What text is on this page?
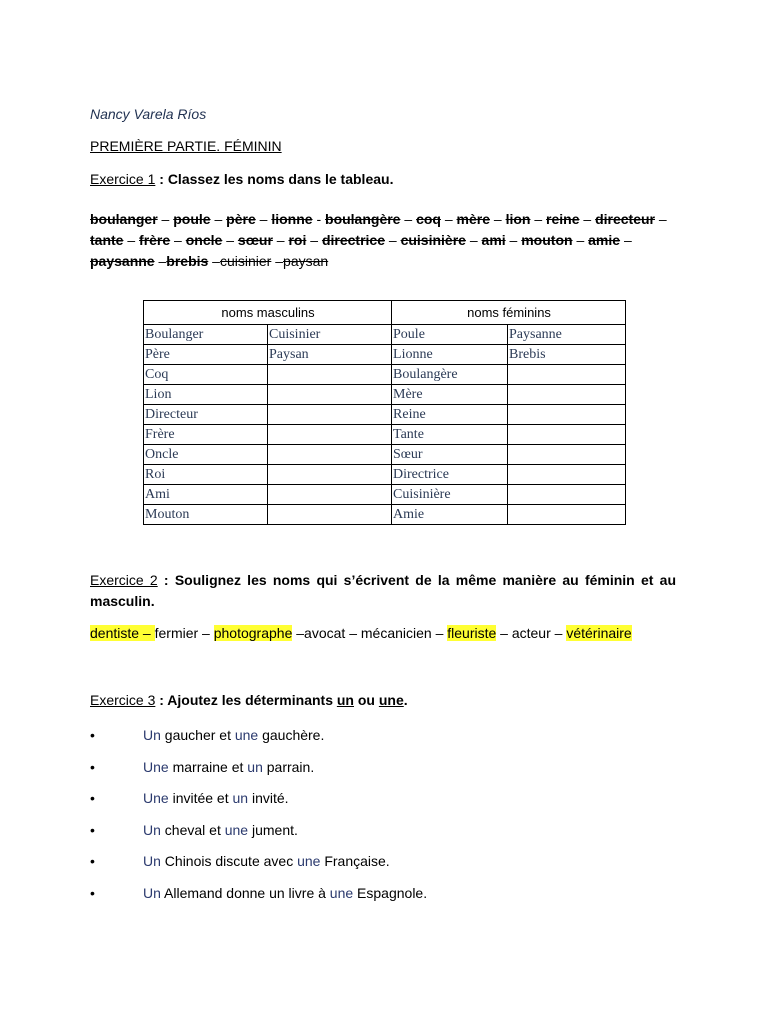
Nancy Varela Ríos
PREMIÈRE PARTIE. FÉMININ
Exercice 1 : Classez les noms dans le tableau.
boulanger – poule – père – lionne - boulangère – coq – mère – lion – reine – directeur – tante – frère – oncle – sœur – roi – directrice – cuisinière – ami – mouton – amie – paysanne –brebis –cuisinier –paysan
noms masculins		noms féminins	
Boulanger	Cuisinier	Poule	Paysanne
Père	Paysan	Lionne	Brebis
Coq		Boulangère	
Lion		Mère	
Directeur		Reine	
Frère		Tante	
Oncle		Sœur	
Roi		Directrice	
Ami		Cuisinière	
Mouton		Amie	
Exercice 2 : Soulignez les noms qui s’écrivent de la même manière au féminin et au masculin.
dentiste – fermier – photographe –avocat – mécanicien – fleuriste – acteur – vétérinaire
Exercice 3 : Ajoutez les déterminants un ou une.
•	Un gaucher et une gauchère.
•	Une marraine et un parrain.
•	Une invitée et un invité.
•	Un cheval et une jument.
•	Un Chinois discute avec une Française.
•	Un Allemand donne un livre à une Espagnole.
